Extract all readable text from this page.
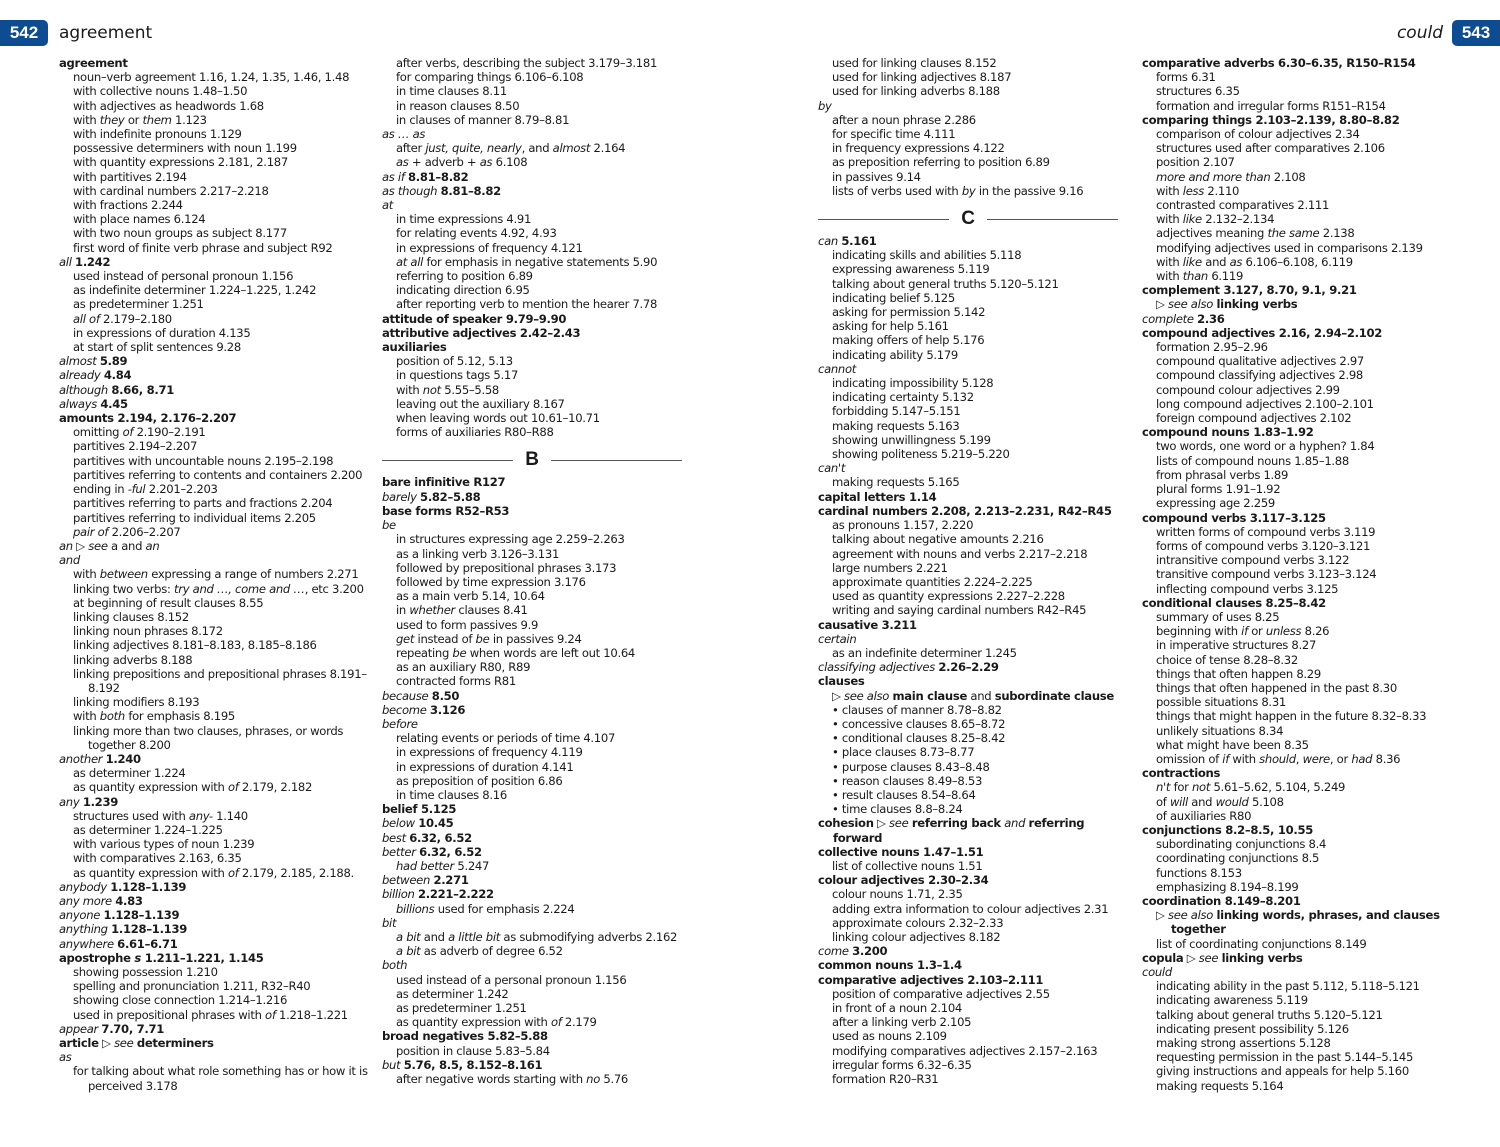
542	agreement	could	543
agreement
noun–verb agreement 1.16, 1.24, 1.35, 1.46, 1.48
with collective nouns 1.48–1.50
with adjectives as headwords 1.68
with they or them 1.123
with indefinite pronouns 1.129
possessive determiners with noun 1.199
with quantity expressions 2.181, 2.187
with partitives 2.194
with cardinal numbers 2.217–2.218
with fractions 2.244
with place names 6.124
with two noun groups as subject 8.177
first word of finite verb phrase and subject R92
all 1.242
used instead of personal pronoun 1.156
as indefinite determiner 1.224–1.225, 1.242
as predeterminer 1.251
all of 2.179–2.180
in expressions of duration 4.135
at start of split sentences 9.28
almost 5.89
already 4.84
although 8.66, 8.71
always 4.45
amounts 2.194, 2.176–2.207
omitting of 2.190–2.191
partitives 2.194–2.207
partitives with uncountable nouns 2.195–2.198
partitives referring to contents and containers 2.200
ending in -ful 2.201–2.203
partitives referring to parts and fractions 2.204
partitives referring to individual items 2.205
pair of 2.206–2.207
an ▷ see a and an
and
with between expressing a range of numbers 2.271
linking two verbs: try and …, come and …, etc 3.200
at beginning of result clauses 8.55
linking clauses 8.152
linking noun phrases 8.172
linking adjectives 8.181–8.183, 8.185–8.186
linking adverbs 8.188
linking prepositions and prepositional phrases 8.191–8.192
linking modifiers 8.193
with both for emphasis 8.195
linking more than two clauses, phrases, or words together 8.200
another 1.240
as determiner 1.224
as quantity expression with of 2.179, 2.182
any 1.239
structures used with any- 1.140
as determiner 1.224–1.225
with various types of noun 1.239
with comparatives 2.163, 6.35
as quantity expression with of 2.179, 2.185, 2.188.
anybody 1.128–1.139
any more 4.83
anyone 1.128–1.139
anything 1.128–1.139
anywhere 6.61–6.71
apostrophe s 1.211–1.221, 1.145
showing possession 1.210
spelling and pronunciation 1.211, R32–R40
showing close connection 1.214–1.216
used in prepositional phrases with of 1.218–1.221
appear 7.70, 7.71
article ▷ see determiners
as
for talking about what role something has or how it is perceived 3.178
after verbs, describing the subject 3.179–3.181
for comparing things 6.106–6.108
in time clauses 8.11
in reason clauses 8.50
in clauses of manner 8.79–8.81
as … as
after just, quite, nearly, and almost 2.164
as + adverb + as 6.108
as if 8.81–8.82
as though 8.81–8.82
at
in time expressions 4.91
for relating events 4.92, 4.93
in expressions of frequency 4.121
at all for emphasis in negative statements 5.90
referring to position 6.89
indicating direction 6.95
after reporting verb to mention the hearer 7.78
attitude of speaker 9.79–9.90
attributive adjectives 2.42–2.43
auxiliaries
position of 5.12, 5.13
in questions tags 5.17
with not 5.55–5.58
leaving out the auxiliary 8.167
when leaving words out 10.61–10.71
forms of auxiliaries R80–R88
B
bare infinitive R127
barely 5.82–5.88
base forms R52–R53
be
in structures expressing age 2.259–2.263
as a linking verb 3.126–3.131
followed by prepositional phrases 3.173
followed by time expression 3.176
as a main verb 5.14, 10.64
in whether clauses 8.41
used to form passives 9.9
get instead of be in passives 9.24
repeating be when words are left out 10.64
as an auxiliary R80, R89
contracted forms R81
because 8.50
become 3.126
before
relating events or periods of time 4.107
in expressions of frequency 4.119
in expressions of duration 4.141
as preposition of position 6.86
in time clauses 8.16
belief 5.125
below 10.45
best 6.32, 6.52
better 6.32, 6.52
had better 5.247
between 2.271
billion 2.221–2.222
billions used for emphasis 2.224
bit
a bit and a little bit as submodifying adverbs 2.162
a bit as adverb of degree 6.52
both
used instead of a personal pronoun 1.156
as determiner 1.242
as predeterminer 1.251
as quantity expression with of 2.179
broad negatives 5.82–5.88
position in clause 5.83–5.84
but 5.76, 8.5, 8.152–8.161
after negative words starting with no 5.76
used for linking clauses 8.152
used for linking adjectives 8.187
used for linking adverbs 8.188
by
after a noun phrase 2.286
for specific time 4.111
in frequency expressions 4.122
as preposition referring to position 6.89
in passives 9.14
lists of verbs used with by in the passive 9.16
C
can 5.161
indicating skills and abilities 5.118
expressing awareness 5.119
talking about general truths 5.120–5.121
indicating belief 5.125
asking for permission 5.142
asking for help 5.161
making offers of help 5.176
indicating ability 5.179
cannot
indicating impossibility 5.128
indicating certainty 5.132
forbidding 5.147–5.151
making requests 5.163
showing unwillingness 5.199
showing politeness 5.219–5.220
can't
making requests 5.165
capital letters 1.14
cardinal numbers 2.208, 2.213–2.231, R42–R45
as pronouns 1.157, 2.220
talking about negative amounts 2.216
agreement with nouns and verbs 2.217–2.218
large numbers 2.221
approximate quantities 2.224–2.225
used as quantity expressions 2.227–2.228
writing and saying cardinal numbers R42–R45
causative 3.211
certain
as an indefinite determiner 1.245
classifying adjectives 2.26–2.29
clauses
▷ see also main clause and subordinate clause
• clauses of manner 8.78–8.82
• concessive clauses 8.65–8.72
• conditional clauses 8.25–8.42
• place clauses 8.73–8.77
• purpose clauses 8.43–8.48
• reason clauses 8.49–8.53
• result clauses 8.54–8.64
• time clauses 8.8–8.24
cohesion ▷ see referring back and referring forward
collective nouns 1.47–1.51
list of collective nouns 1.51
colour adjectives 2.30–2.34
colour nouns 1.71, 2.35
adding extra information to colour adjectives 2.31
approximate colours 2.32–2.33
linking colour adjectives 8.182
come 3.200
common nouns 1.3–1.4
comparative adjectives 2.103–2.111
position of comparative adjectives 2.55
in front of a noun 2.104
after a linking verb 2.105
used as nouns 2.109
modifying comparatives adjectives 2.157–2.163
irregular forms 6.32–6.35
formation R20–R31
comparative adverbs 6.30–6.35, R150–R154
forms 6.31
structures 6.35
formation and irregular forms R151–R154
comparing things 2.103–2.139, 8.80–8.82
comparison of colour adjectives 2.34
structures used after comparatives 2.106
position 2.107
more and more than 2.108
with less 2.110
contrasted comparatives 2.111
with like 2.132–2.134
adjectives meaning the same 2.138
modifying adjectives used in comparisons 2.139
with like and as 6.106–6.108, 6.119
with than 6.119
complement 3.127, 8.70, 9.1, 9.21
▷ see also linking verbs
complete 2.36
compound adjectives 2.16, 2.94–2.102
formation 2.95–2.96
compound qualitative adjectives 2.97
compound classifying adjectives 2.98
compound colour adjectives 2.99
long compound adjectives 2.100–2.101
foreign compound adjectives 2.102
compound nouns 1.83–1.92
two words, one word or a hyphen? 1.84
lists of compound nouns 1.85–1.88
from phrasal verbs 1.89
plural forms 1.91–1.92
expressing age 2.259
compound verbs 3.117–3.125
written forms of compound verbs 3.119
forms of compound verbs 3.120–3.121
intransitive compound verbs 3.122
transitive compound verbs 3.123–3.124
inflecting compound verbs 3.125
conditional clauses 8.25–8.42
summary of uses 8.25
beginning with if or unless 8.26
in imperative structures 8.27
choice of tense 8.28–8.32
things that often happen 8.29
things that often happened in the past 8.30
possible situations 8.31
things that might happen in the future 8.32–8.33
unlikely situations 8.34
what might have been 8.35
omission of if with should, were, or had 8.36
contractions
n't for not 5.61–5.62, 5.104, 5.249
of will and would 5.108
of auxiliaries R80
conjunctions 8.2–8.5, 10.55
subordinating conjunctions 8.4
coordinating conjunctions 8.5
functions 8.153
emphasizing 8.194–8.199
coordination 8.149–8.201
▷ see also linking words, phrases, and clauses together
list of coordinating conjunctions 8.149
copula ▷ see linking verbs
could
indicating ability in the past 5.112, 5.118–5.121
indicating awareness 5.119
talking about general truths 5.120–5.121
indicating present possibility 5.126
making strong assertions 5.128
requesting permission in the past 5.144–5.145
giving instructions and appeals for help 5.160
making requests 5.164
